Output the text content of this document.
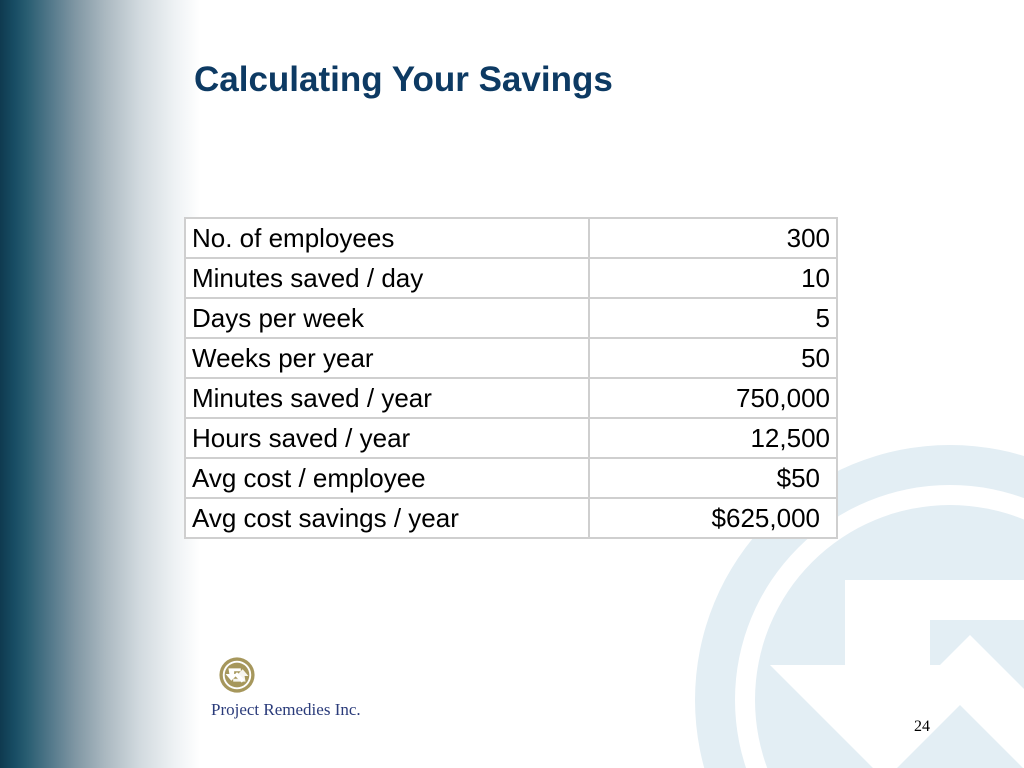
Calculating Your Savings
No. of employees	300
Minutes saved / day	10
Days per week	5
Weeks per year	50
Minutes saved / year	750,000
Hours saved / year	12,500
Avg cost / employee	$50
Avg cost savings / year	$625,000
Project Remedies Inc.
24
